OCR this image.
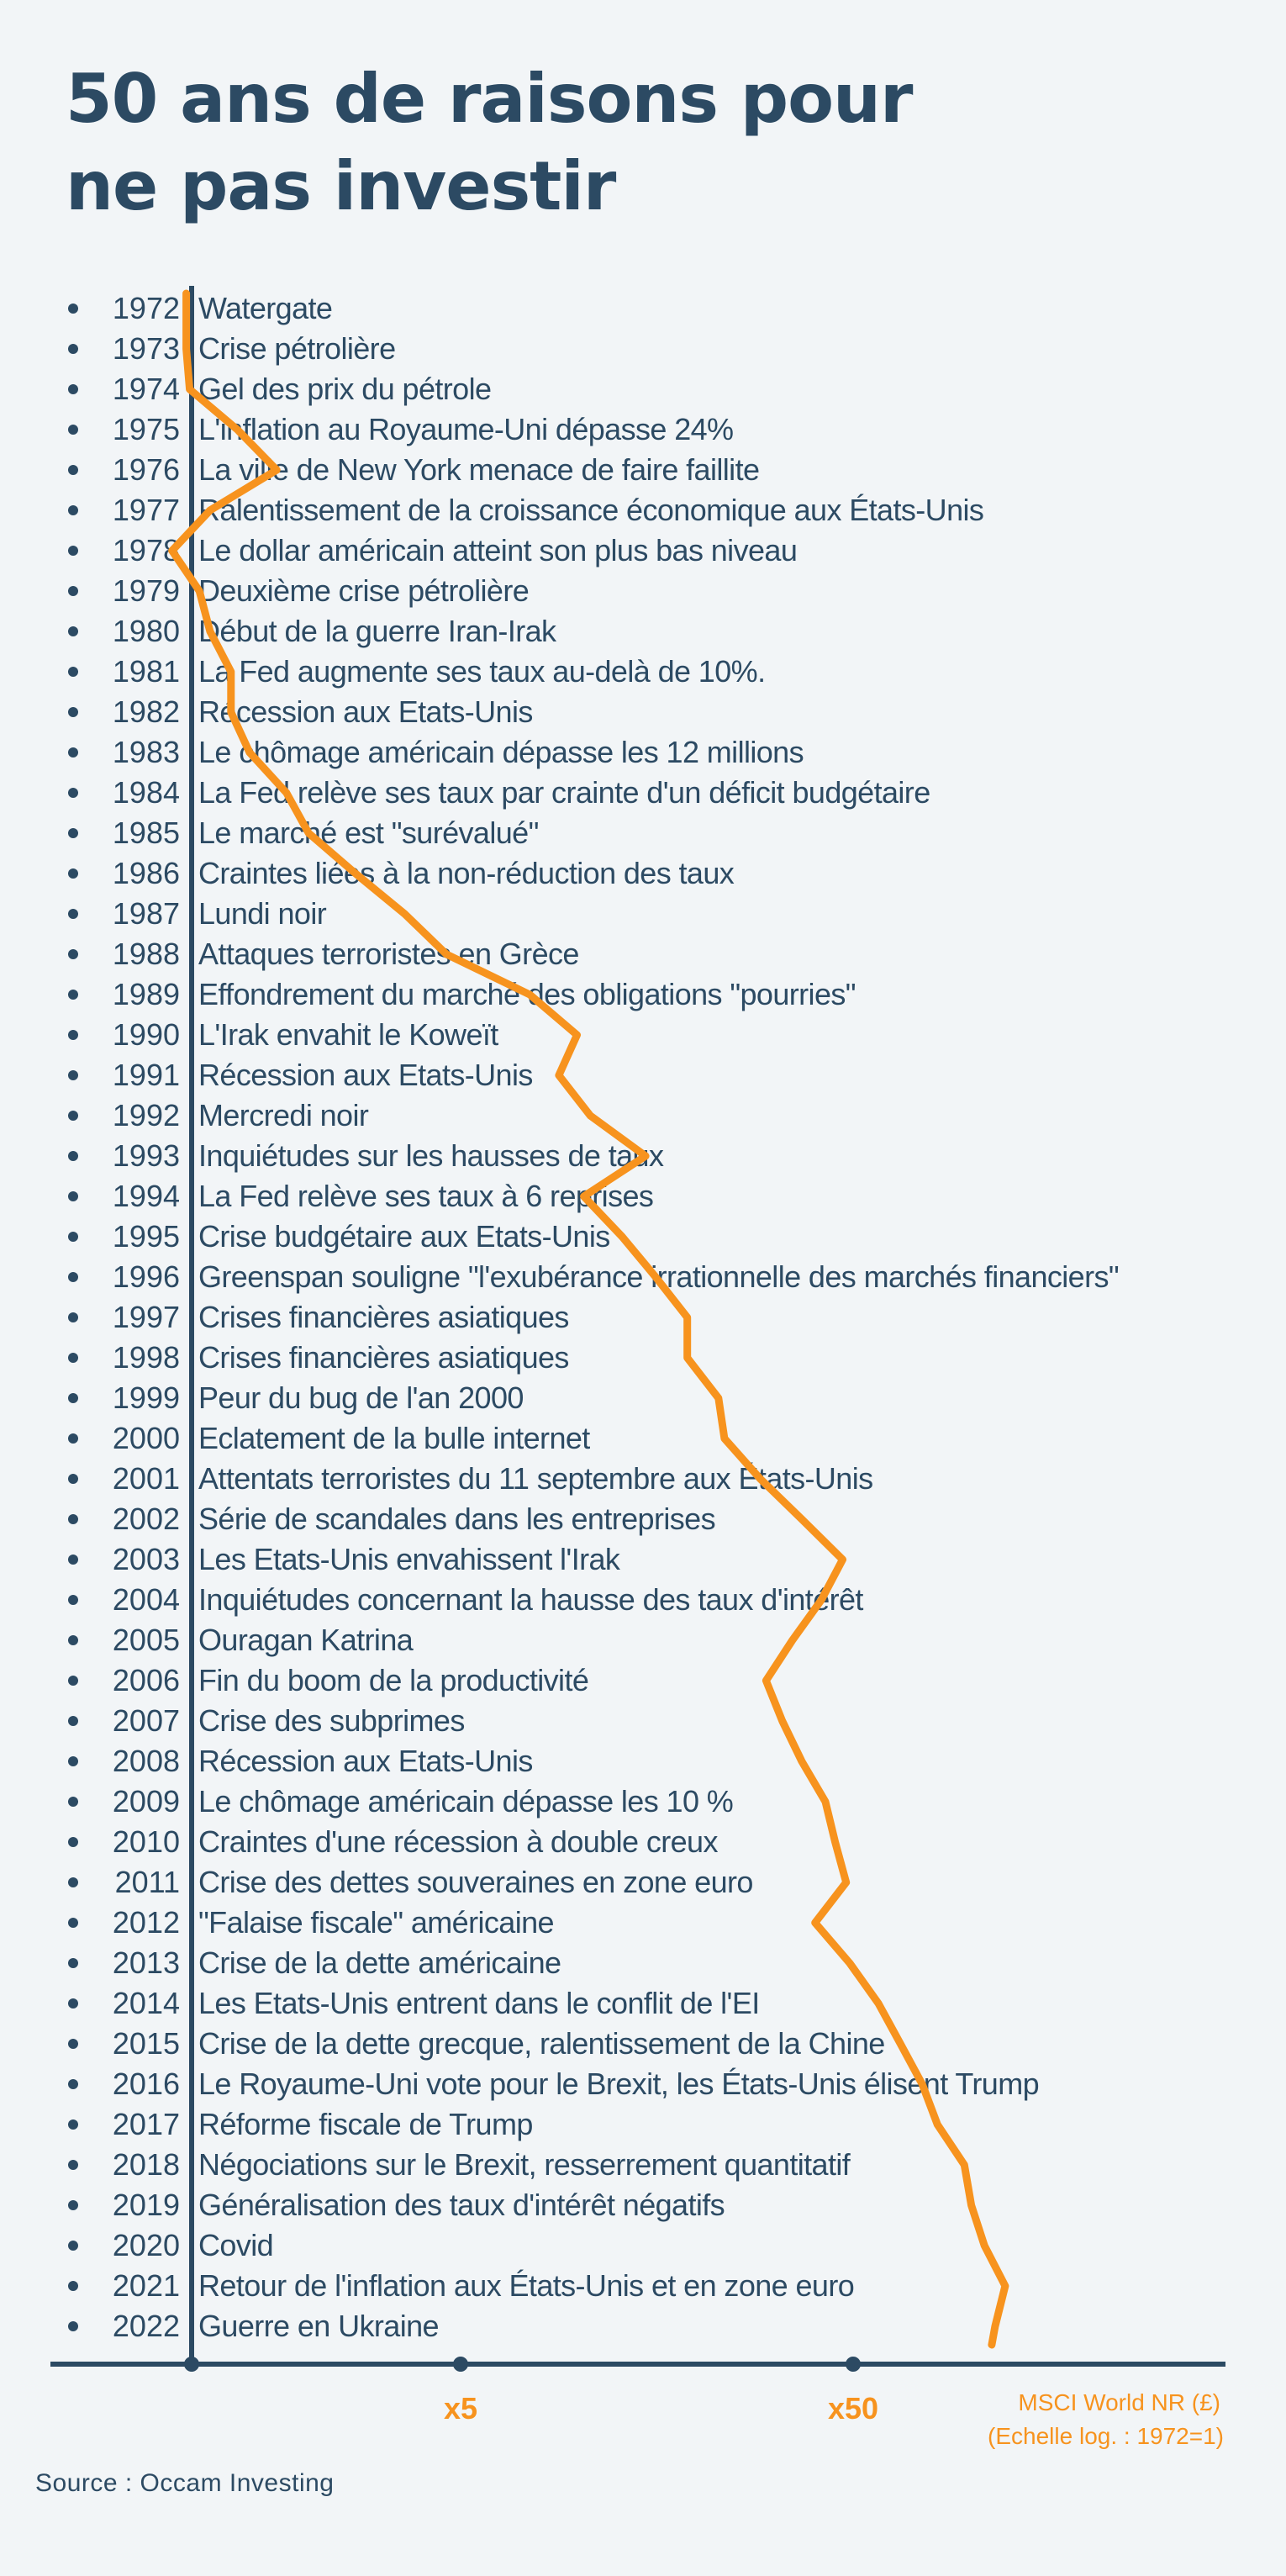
50 ans de raisons pour
ne pas investir
1972 Watergate
1973 Crise pétrolière
1974 Gel des prix du pétrole
1975 L'inflation au Royaume-Uni dépasse 24%
1976 La ville de New York menace de faire faillite
1977 Ralentissement de la croissance économique aux États-Unis
1978 Le dollar américain atteint son plus bas niveau
1979 Deuxième crise pétrolière
1980 Début de la guerre Iran-Irak
1981 La Fed augmente ses taux au-delà de 10%.
1982 Récession aux Etats-Unis
1983 Le chômage américain dépasse les 12 millions
1984 La Fed relève ses taux par crainte d'un déficit budgétaire
1985 Le marché est "surévalué"
1986 Craintes liées à la non-réduction des taux
1987 Lundi noir
1988 Attaques terroristes en Grèce
1989 Effondrement du marché des obligations "pourries"
1990 L'Irak envahit le Koweït
1991 Récession aux Etats-Unis
1992 Mercredi noir
1993 Inquiétudes sur les hausses de taux
1994 La Fed relève ses taux à 6 reprises
1995 Crise budgétaire aux Etats-Unis
1996 Greenspan souligne "l'exubérance irrationnelle des marchés financiers"
1997 Crises financières asiatiques
1998 Crises financières asiatiques
1999 Peur du bug de l'an 2000
2000 Eclatement de la bulle internet
2001 Attentats terroristes du 11 septembre aux États-Unis
2002 Série de scandales dans les entreprises
2003 Les Etats-Unis envahissent l'Irak
2004 Inquiétudes concernant la hausse des taux d'intérêt
2005 Ouragan Katrina
2006 Fin du boom de la productivité
2007 Crise des subprimes
2008 Récession aux Etats-Unis
2009 Le chômage américain dépasse les 10 %
2010 Craintes d'une récession à double creux
2011 Crise des dettes souveraines en zone euro
2012 "Falaise fiscale" américaine
2013 Crise de la dette américaine
2014 Les Etats-Unis entrent dans le conflit de l'EI
2015 Crise de la dette grecque, ralentissement de la Chine
2016 Le Royaume-Uni vote pour le Brexit, les États-Unis élisent Trump
2017 Réforme fiscale de Trump
2018 Négociations sur le Brexit, resserrement quantitatif
2019 Généralisation des taux d'intérêt négatifs
2020 Covid
2021 Retour de l'inflation aux États-Unis et en zone euro
2022 Guerre en Ukraine
x5	x50	MSCI World NR (£)
(Echelle log. : 1972=1)
Source : Occam Investing
